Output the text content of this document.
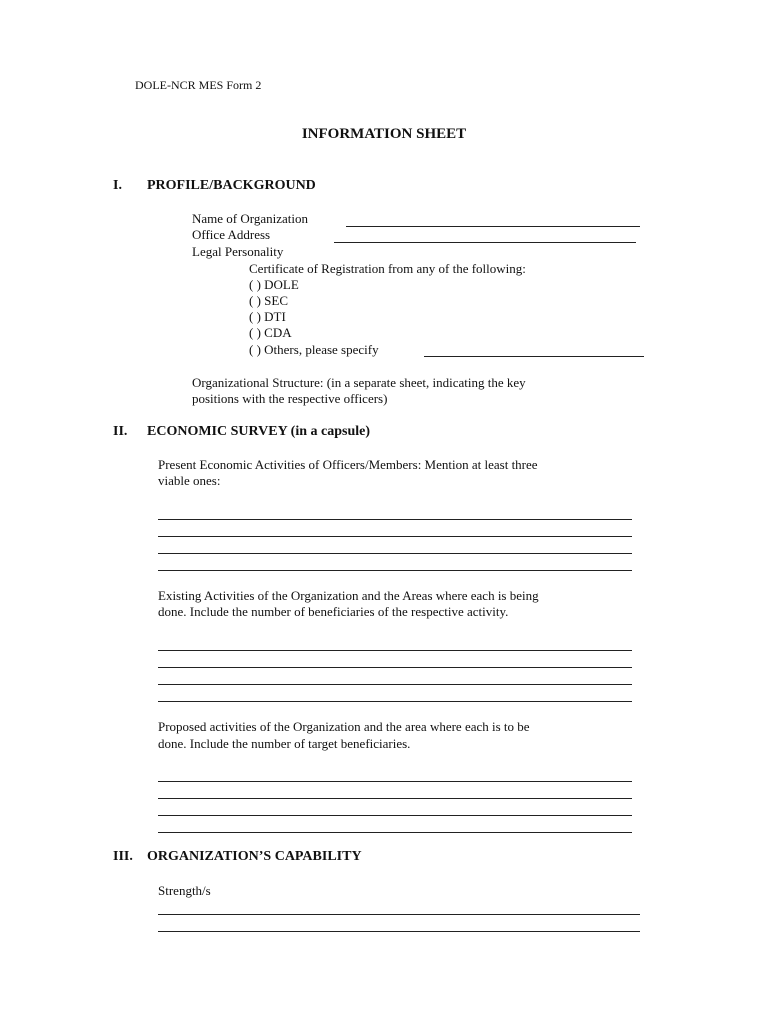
DOLE-NCR MES Form 2
INFORMATION SHEET
I. PROFILE/BACKGROUND
Name of Organization
Office Address
Legal Personality
Certificate of Registration from any of the following:
( ) DOLE
( ) SEC
( ) DTI
( ) CDA
( ) Others, please specify
Organizational Structure: (in a separate sheet, indicating the key
positions with the respective officers)
II. ECONOMIC SURVEY (in a capsule)
Present Economic Activities of Officers/Members: Mention at least three
viable ones:
Existing Activities of the Organization and the Areas where each is being
done. Include the number of beneficiaries of the respective activity.
Proposed activities of the Organization and the area where each is to be
done. Include the number of target beneficiaries.
III. ORGANIZATION’S CAPABILITY
Strength/s
